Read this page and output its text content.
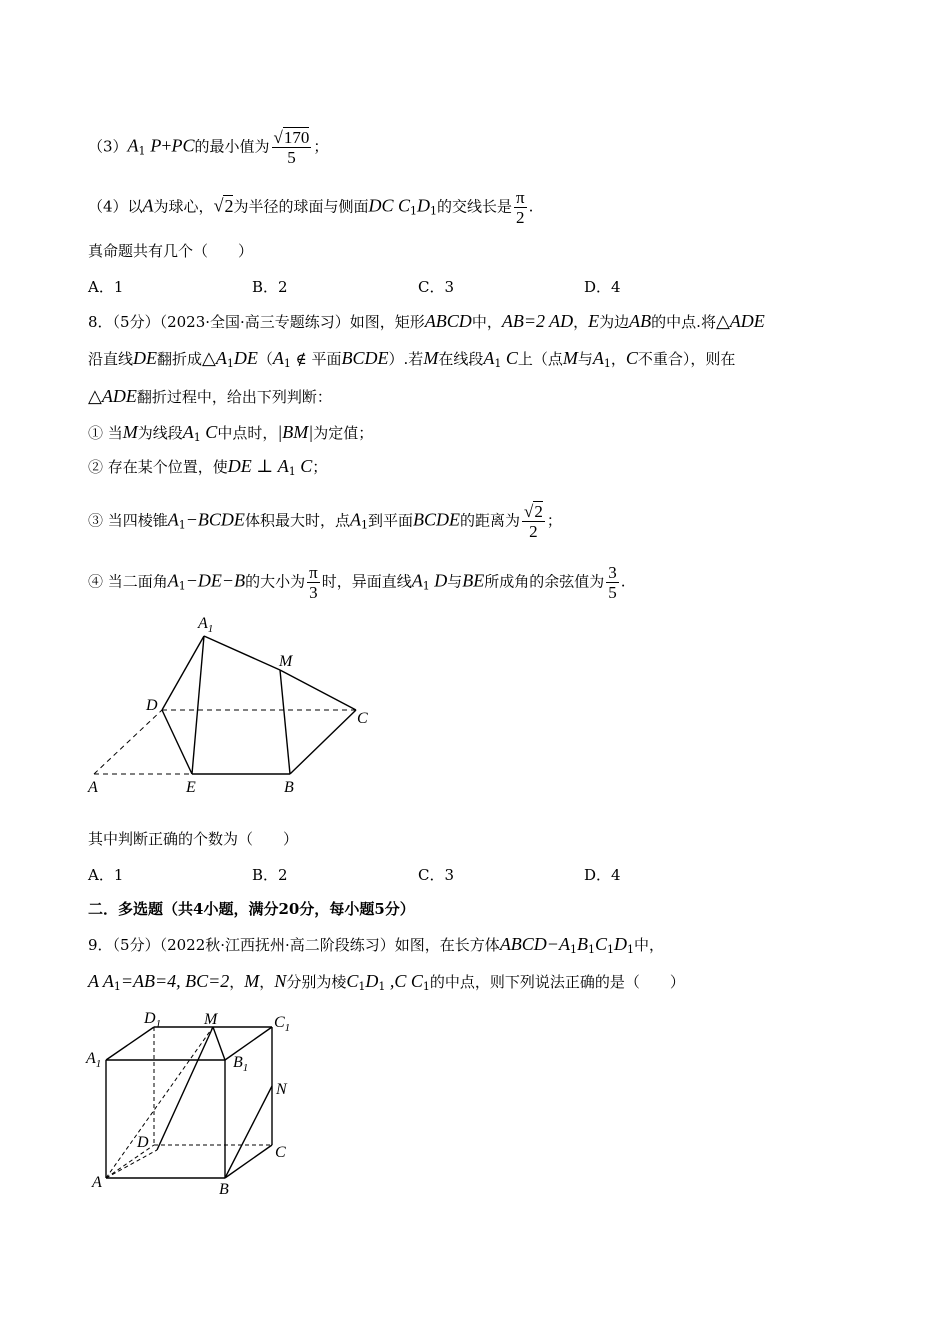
$(3)A_1$ P+PC的最小值为 $\frac{√170}{5}$ ；
（4）以A为球心，√2为半径的球面与侧面DC $C_1D_1$的交线长是 $\frac{\pi}{2}$ .
真命题共有几个（　　）
A．1	B．2	C．3	D．4
8．（5分）（2023·全国·高三专题练习）如图，矩形ABCD中，AB=2 AD，E为边AB的中点.将△ADE
沿直线DE翻折成$\triangle A_1DE(A_1$ ∉ 平面BCDE）.若M在线段$A_1$ C上（点M与$A_1$，C不重合），则在
△ADE翻折过程中，给出下列判断：
① 当M为线段$A_1$ C中点时，|BM|为定值；
② 存在某个位置，使DE ⊥ $A_1$ C；
③ 当四棱锥$A_1-BCDE$体积最大时，点$A_1$到平面BCDE的距离为 $\frac{√2}{2}$ ；
④ 当二面角$A_1-DE-B$的大小为 $\frac{\pi}{3}$ 时，异面直线$A_1$ D与BE所成角的余弦值为 $\frac{3}{5}$ .
$A_1$
M
D
C
A	E	B
其中判断正确的个数为（　　）
A．1	B．2	C．3	D．4
二．多选题（共4小题，满分20分，每小题5分）
9．（5分）（2022秋·江西抚州·高二阶段练习）如图，在长方体$ABCD-A_1B_1C_1D_1$中，
A $A_1=AB=4$, BC=2，M，N分别为棱$C_1D_1$ ,C $C_1$的中点，则下列说法正确的是（　　）
$D_1$	M	$C_1$
$A_1$	$B_1$
N
D
C
A	B
